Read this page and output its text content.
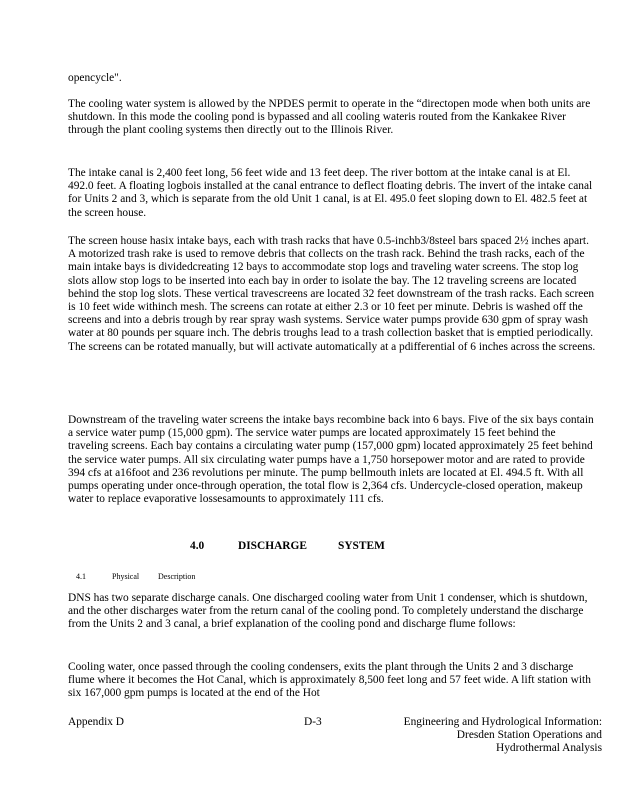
opencycle".

The cooling water system is allowed by the NPDES permit to operate in the “directopen mode when both units are shutdown. In this mode the cooling pond is bypassed and all cooling wateris routed from the Kankakee River through the plant cooling systems then directly out to the Illinois River.

The intake canal is 2,400 feet long, 56 feet wide and 13 feet deep. The river bottom at the intake canal is at El. 492.0 feet. A floating logbois installed at the canal entrance to deflect floating debris. The invert of the intake canal for Units 2 and 3, which is separate from the old Unit 1 canal, is at El. 495.0 feet sloping down to El. 482.5 feet at the screen house.

The screen house hasix intake bays, each with trash racks that have 0.5-inchb3/8steel bars spaced 2½ inches apart. A motorized trash rake is used to remove debris that collects on the trash rack. Behind the trash racks, each of the main intake bays is dividedcreating 12 bays to accommodate stop logs and traveling water screens. The stop log slots allow stop logs to be inserted into each bay in order to isolate the bay. The 12 traveling screens are located behind the stop log slots. These vertical travescreens are located 32 feet downstream of the trash racks. Each screen is 10 feet wide withinch mesh. The screens can rotate at either 2.3 or 10 feet per minute. Debris is washed off the screens and into a debris trough by rear spray wash systems. Service water pumps provide 630 gpm of spray wash water at 80 pounds per square inch. The debris troughs lead to a trash collection basket that is emptied periodically. The screens can be rotated manually, but will activate automatically at a pdifferential of 6 inches across the screens.

Downstream of the traveling water screens the intake bays recombine back into 6 bays. Five of the six bays contain a service water pump (15,000 gpm). The service water pumps are located approximately 15 feet behind the traveling screens. Each bay contains a circulating water pump (157,000 gpm) located approximately 25 feet behind the service water pumps. All six circulating water pumps have a 1,750 horsepower motor and are rated to provide 394 cfs at a16foot and 236 revolutions per minute. The pump bellmouth inlets are located at El. 494.5 ft. With all pumps operating under once-through operation, the total flow is 2,364 cfs. Undercycle-closed operation, makeup water to replace evaporative lossesamounts to approximately 111 cfs.

4.0	DISCHARGE	SYSTEM
4.1	Physical	Description

DNS has two separate discharge canals. One discharged cooling water from Unit 1 condenser, which is shutdown, and the other discharges water from the return canal of the cooling pond. To completely understand the discharge from the Units 2 and 3 canal, a brief explanation of the cooling pond and discharge flume follows:

Cooling water, once passed through the cooling condensers, exits the plant through the Units 2 and 3 discharge flume where it becomes the Hot Canal, which is approximately 8,500 feet long and 57 feet wide. A lift station with six 167,000 gpm pumps is located at the end of the Hot

Appendix D	D-3	Engineering and Hydrological Information:
Dresden Station Operations and
Hydrothermal Analysis
